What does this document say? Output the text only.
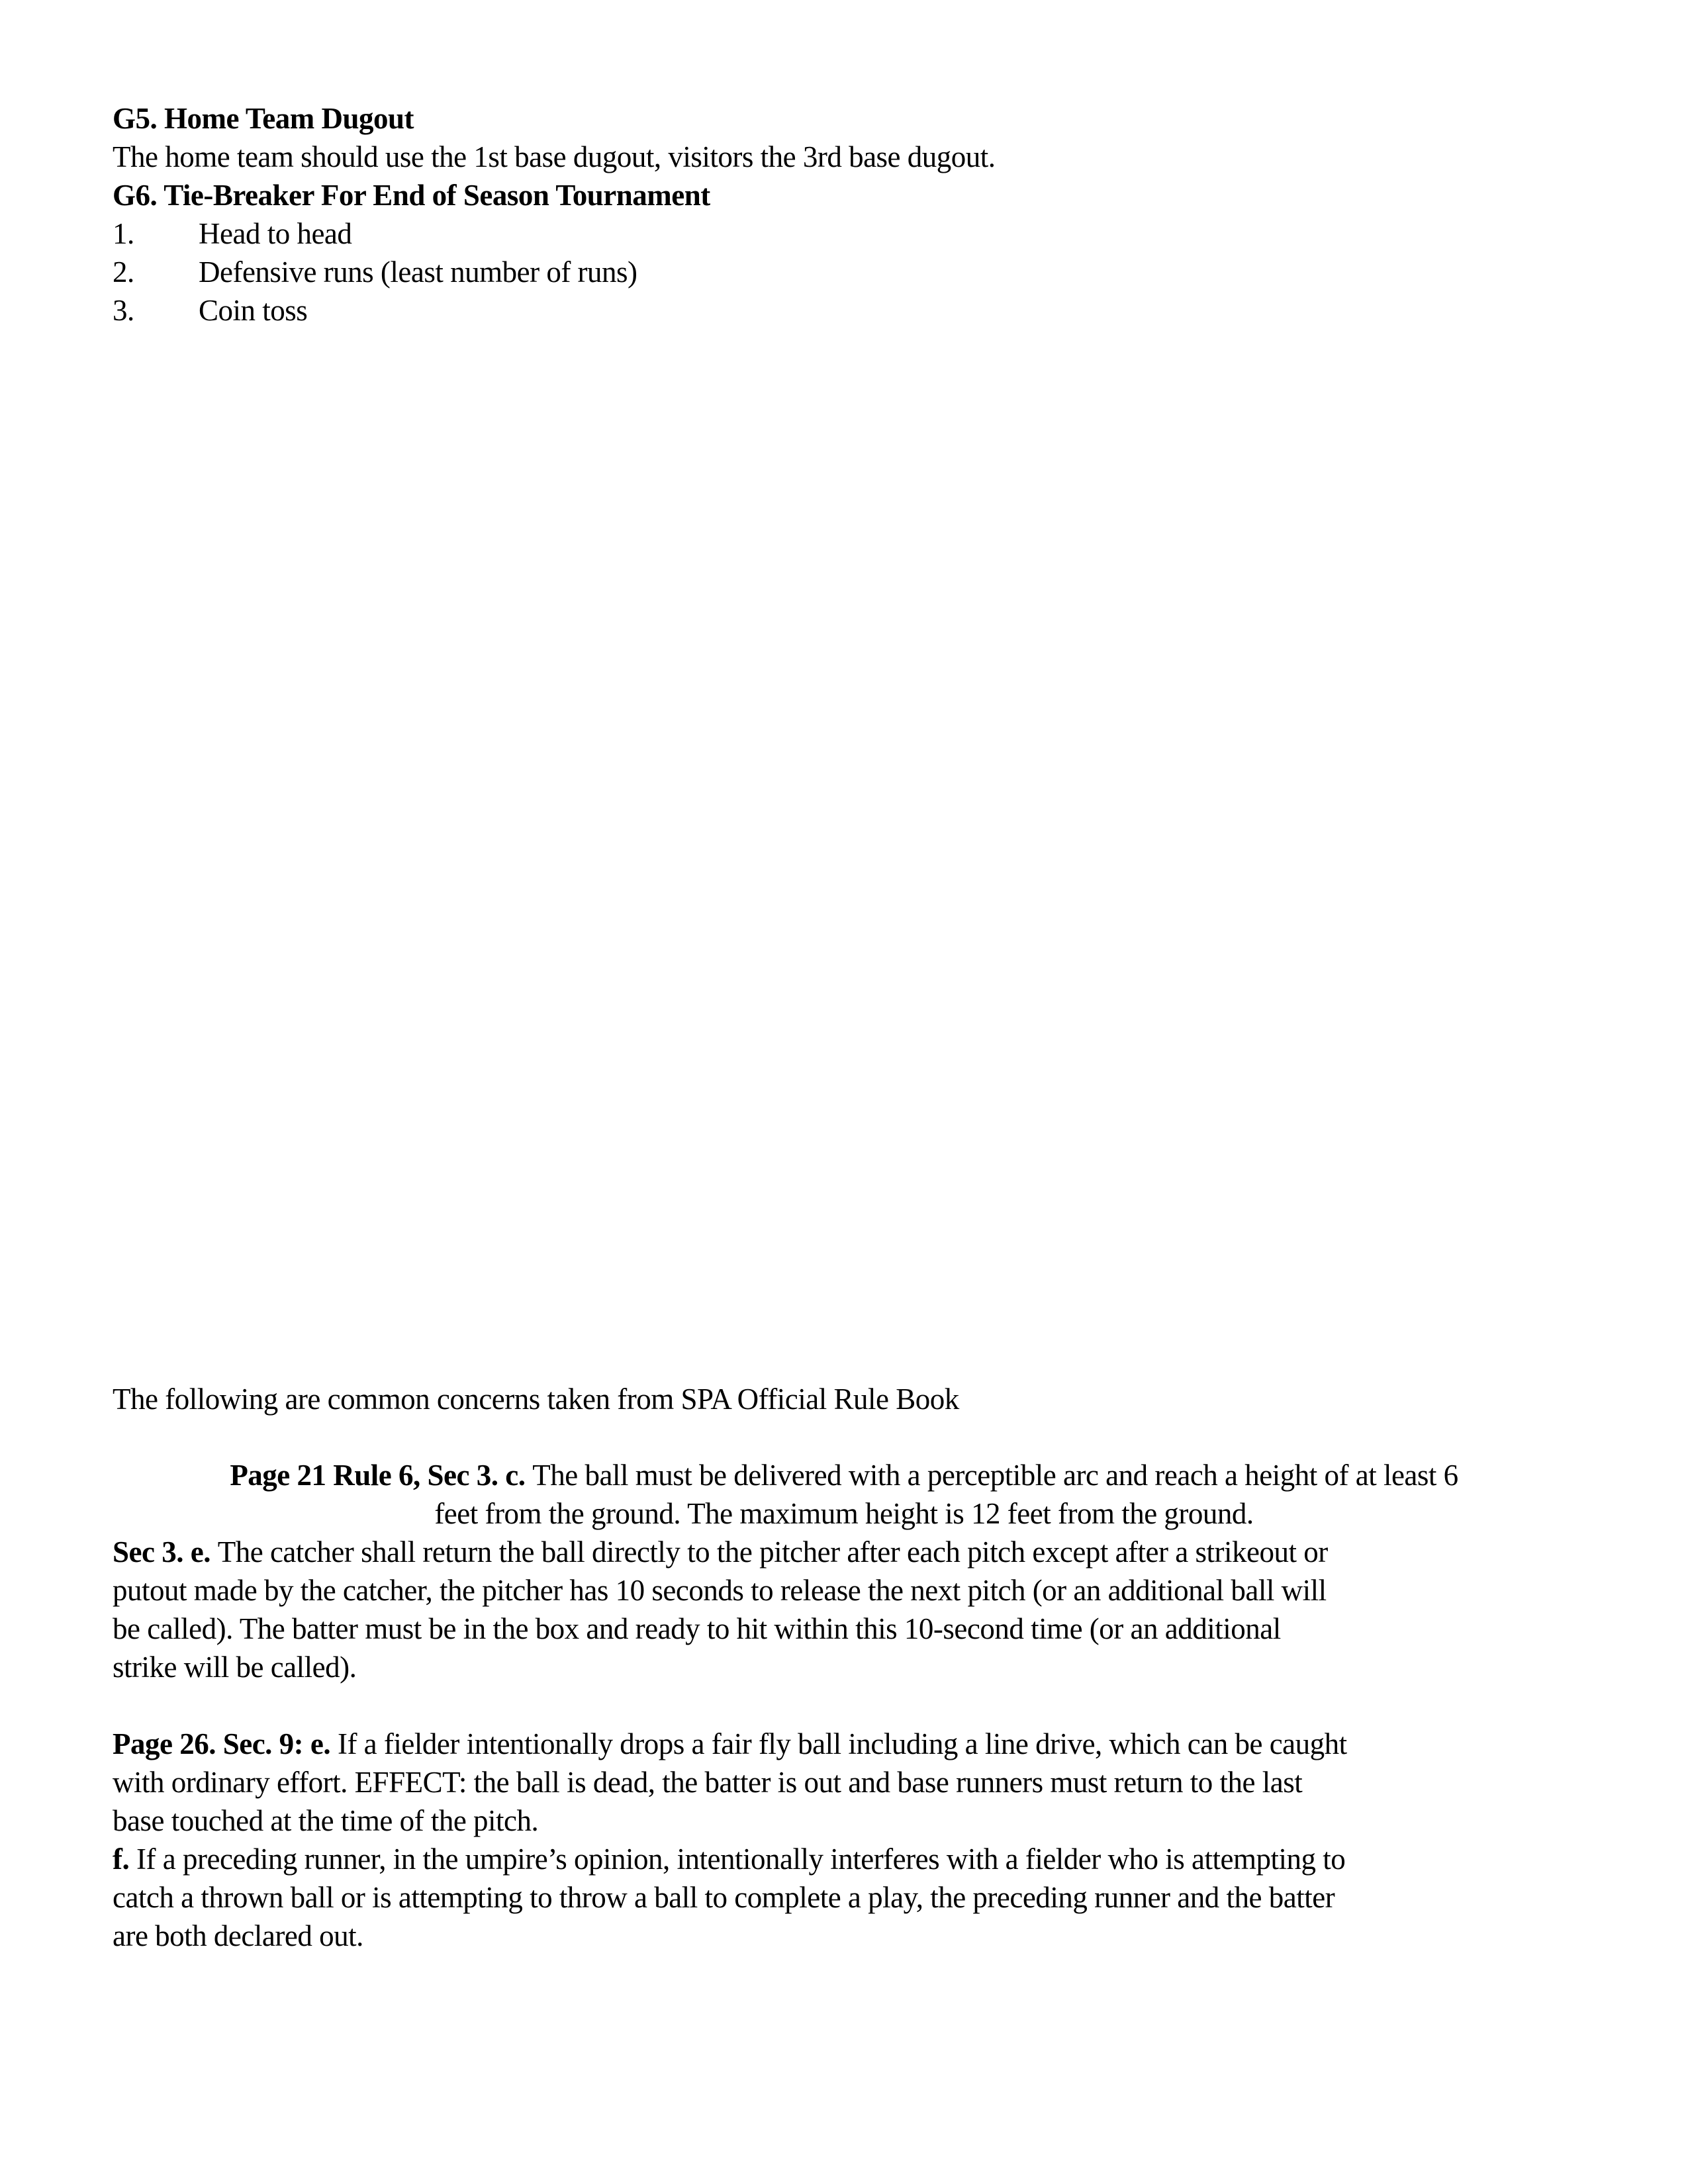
G5. Home Team Dugout
The home team should use the 1st base dugout, visitors the 3rd base dugout.
G6. Tie-Breaker For End of Season Tournament
1. Head to head
2. Defensive runs (least number of runs)
3. Coin toss
The following are common concerns taken from SPA Official Rule Book
Page 21 Rule 6, Sec 3. c. The ball must be delivered with a perceptible arc and reach a height of at least 6
feet from the ground. The maximum height is 12 feet from the ground.
Sec 3. e. The catcher shall return the ball directly to the pitcher after each pitch except after a strikeout or
putout made by the catcher, the pitcher has 10 seconds to release the next pitch (or an additional ball will
be called). The batter must be in the box and ready to hit within this 10-second time (or an additional
strike will be called).
Page 26. Sec. 9: e. If a fielder intentionally drops a fair fly ball including a line drive, which can be caught
with ordinary effort. EFFECT: the ball is dead, the batter is out and base runners must return to the last
base touched at the time of the pitch.
f. If a preceding runner, in the umpire’s opinion, intentionally interferes with a fielder who is attempting to
catch a thrown ball or is attempting to throw a ball to complete a play, the preceding runner and the batter
are both declared out.
